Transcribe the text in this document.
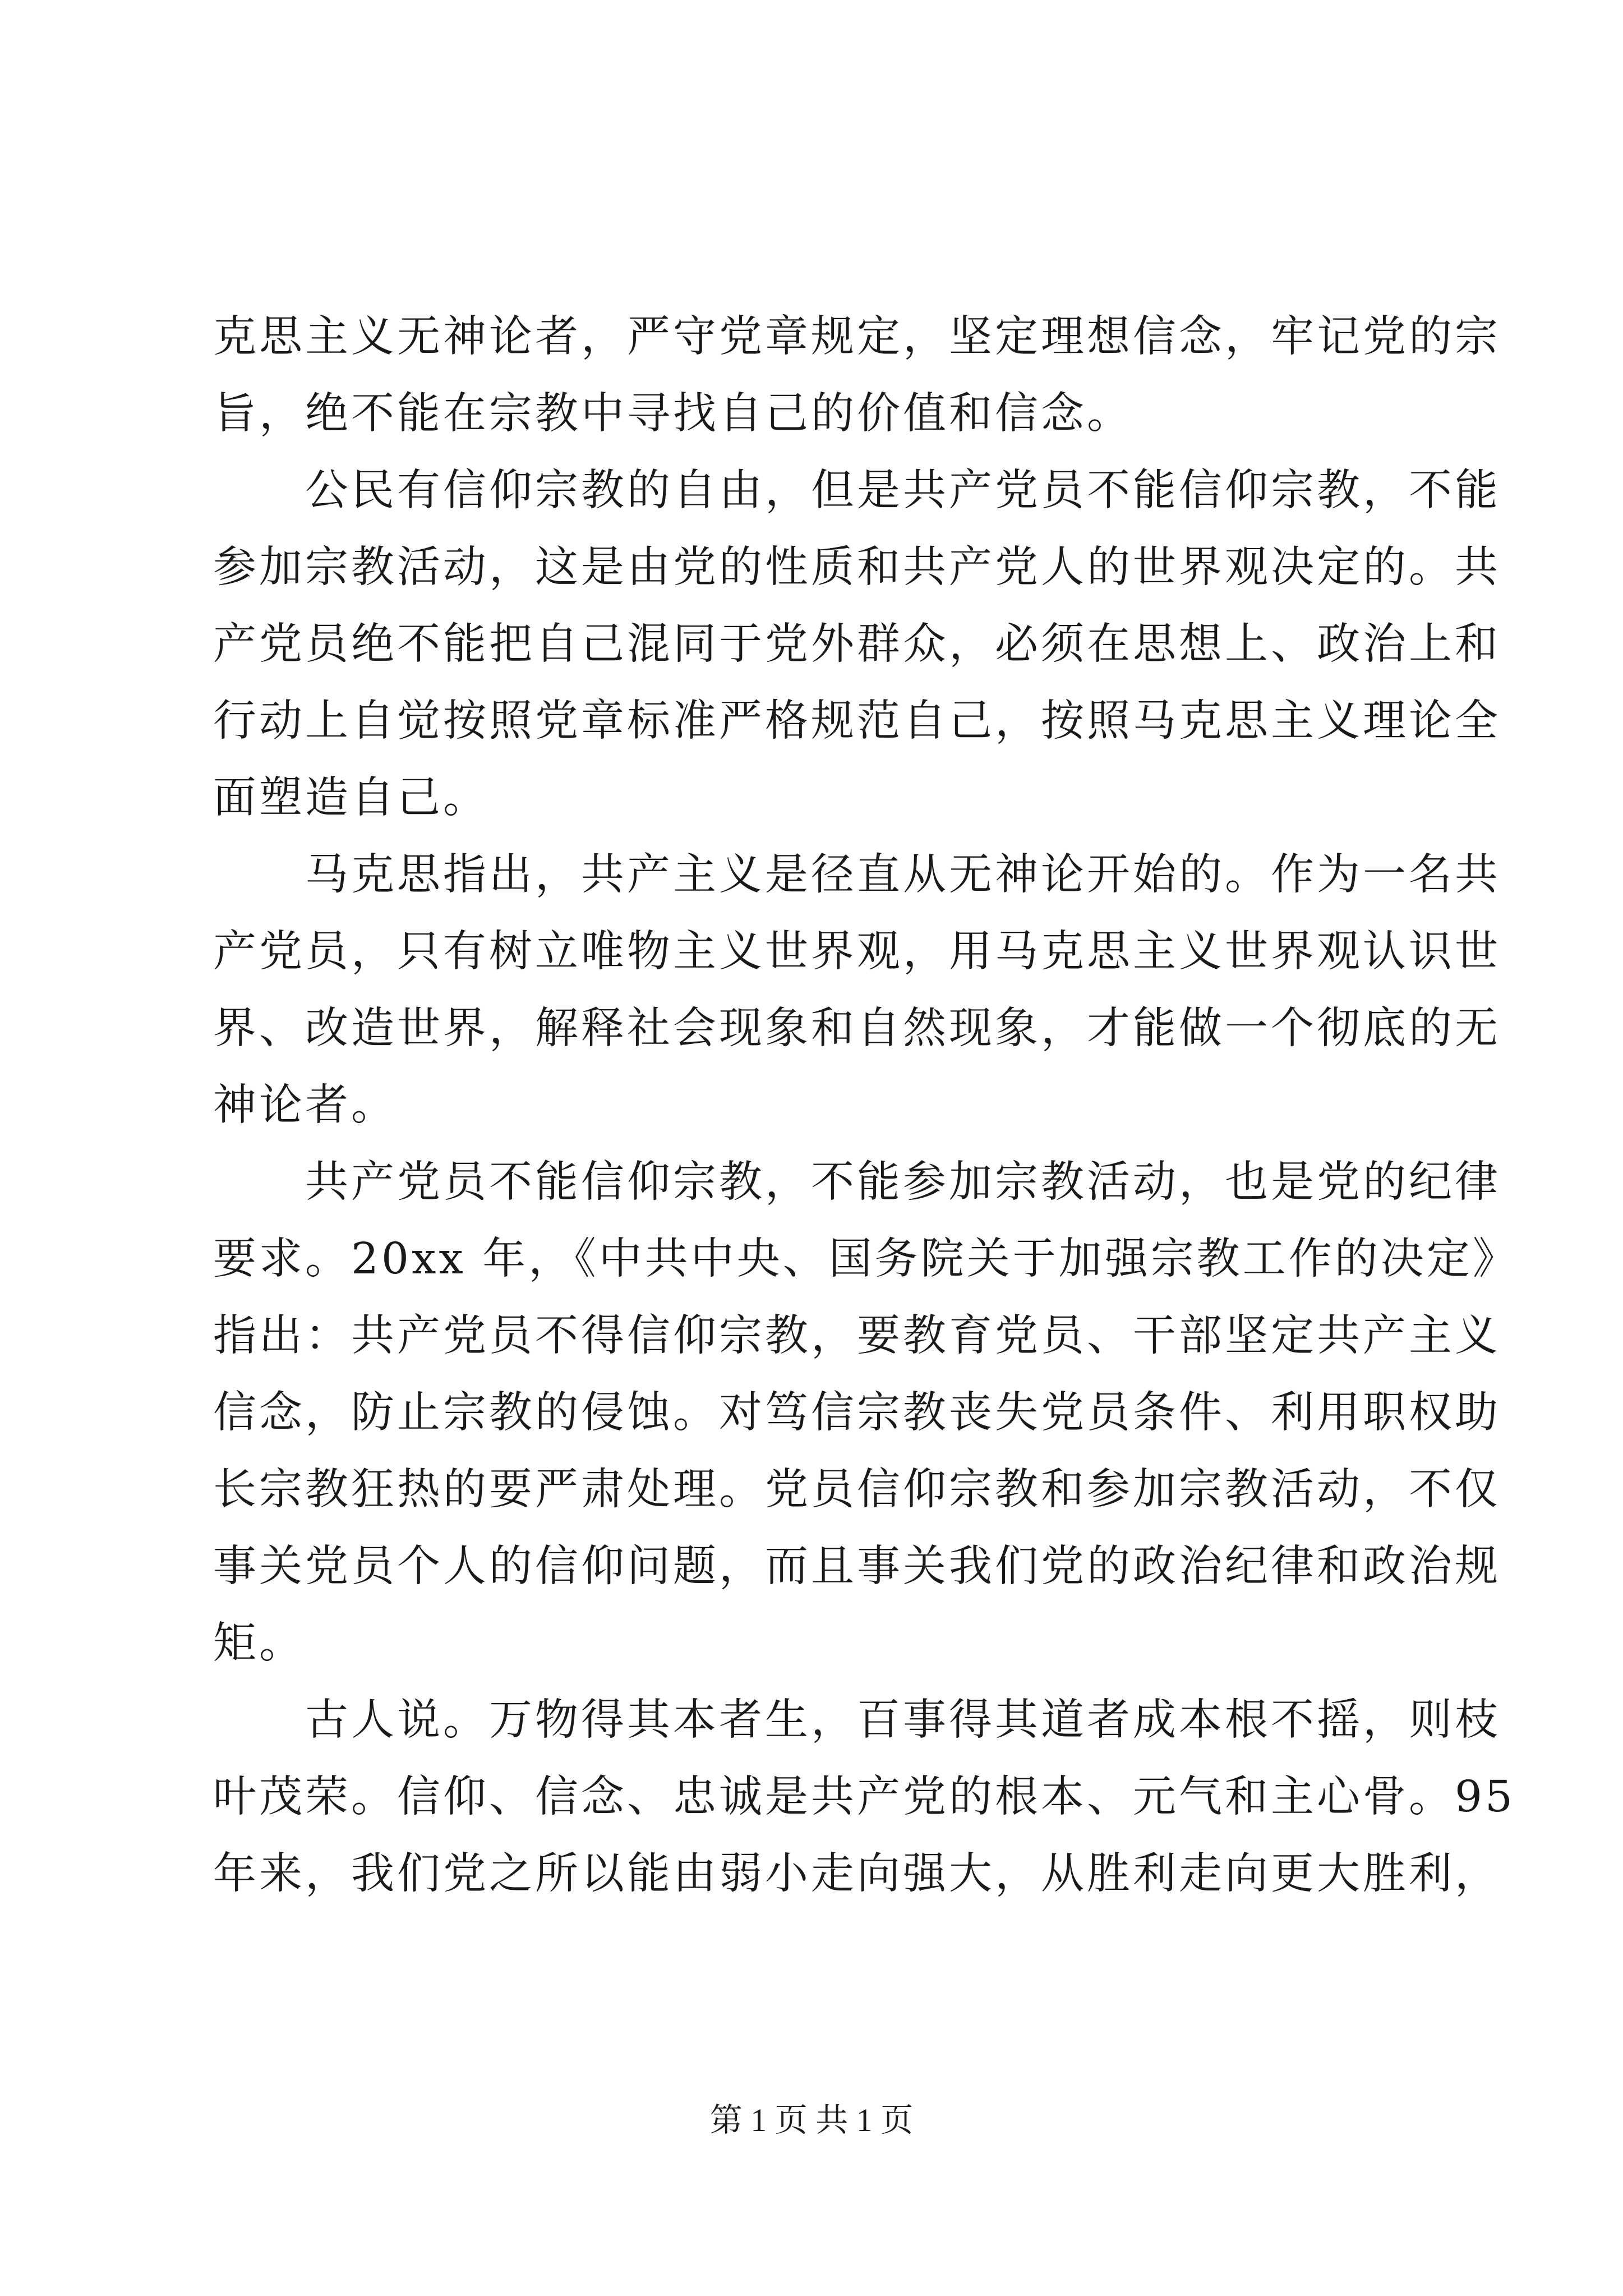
克思主义无神论者，严守党章规定，坚定理想信念，牢记党的宗
旨，绝不能在宗教中寻找自己的价值和信念。
公民有信仰宗教的自由，但是共产党员不能信仰宗教，不能
参加宗教活动，这是由党的性质和共产党人的世界观决定的。共
产党员绝不能把自己混同于党外群众，必须在思想上、政治上和
行动上自觉按照党章标准严格规范自己，按照马克思主义理论全
面塑造自己。
马克思指出，共产主义是径直从无神论开始的。作为一名共
产党员，只有树立唯物主义世界观，用马克思主义世界观认识世
界、改造世界，解释社会现象和自然现象，才能做一个彻底的无
神论者。
共产党员不能信仰宗教，不能参加宗教活动，也是党的纪律
要求。20xx 年，《中共中央、国务院关于加强宗教工作的决定》
指出：共产党员不得信仰宗教，要教育党员、干部坚定共产主义
信念，防止宗教的侵蚀。对笃信宗教丧失党员条件、利用职权助
长宗教狂热的要严肃处理。党员信仰宗教和参加宗教活动，不仅
事关党员个人的信仰问题，而且事关我们党的政治纪律和政治规
矩。
古人说。万物得其本者生，百事得其道者成本根不摇，则枝
叶茂荣。信仰、信念、忠诚是共产党的根本、元气和主心骨。95
年来，我们党之所以能由弱小走向强大，从胜利走向更大胜利，
第 1 页 共 1 页
